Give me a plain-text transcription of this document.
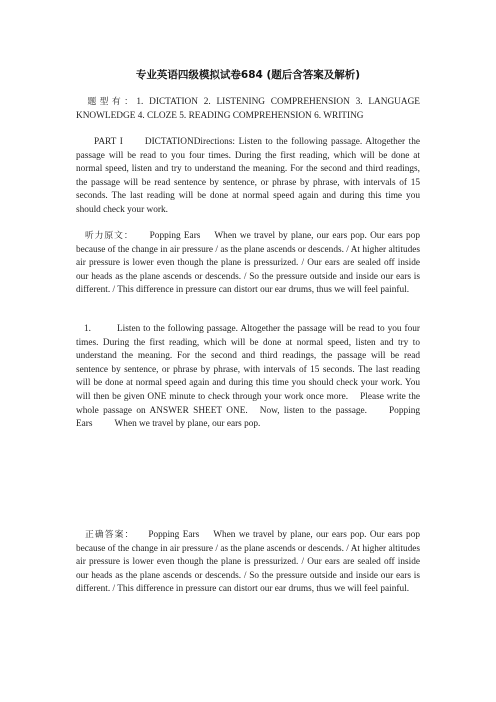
专业英语四级模拟试卷684 (题后含答案及解析)

题型有：1. DICTATION 2. LISTENING COMPREHENSION 3. LANGUAGE KNOWLEDGE 4. CLOZE 5. READING COMPREHENSION 6. WRITING

PART I DICTATIONDirections: Listen to the following passage. Altogether the passage will be read to you four times. During the first reading, which will be done at normal speed, listen and try to understand the meaning. For the second and third readings, the passage will be read sentence by sentence, or phrase by phrase, with intervals of 15 seconds. The last reading will be done at normal speed again and during this time you should check your work.

听力原文： Popping Ears When we travel by plane, our ears pop. Our ears pop because of the change in air pressure / as the plane ascends or descends. / At higher altitudes air pressure is lower even though the plane is pressurized. / Our ears are sealed off inside our heads as the plane ascends or descends. / So the pressure outside and inside our ears is different. / This difference in pressure can distort our ear drums, thus we will feel painful.

1.	Listen to the following passage. Altogether the passage will be read to you four times. During the first reading, which will be done at normal speed, listen and try to understand the meaning. For the second and third readings, the passage will be read sentence by sentence, or phrase by phrase, with intervals of 15 seconds. The last reading will be done at normal speed again and during this time you should check your work. You will then be given ONE minute to check through your work once more. Please write the whole passage on ANSWER SHEET ONE. Now, listen to the passage. Popping Ears When we travel by plane, our ears pop.

正确答案： Popping Ears When we travel by plane, our ears pop. Our ears pop because of the change in air pressure / as the plane ascends or descends. / At higher altitudes air pressure is lower even though the plane is pressurized. / Our ears are sealed off inside our heads as the plane ascends or descends. / So the pressure outside and inside our ears is different. / This difference in pressure can distort our ear drums, thus we will feel painful.
